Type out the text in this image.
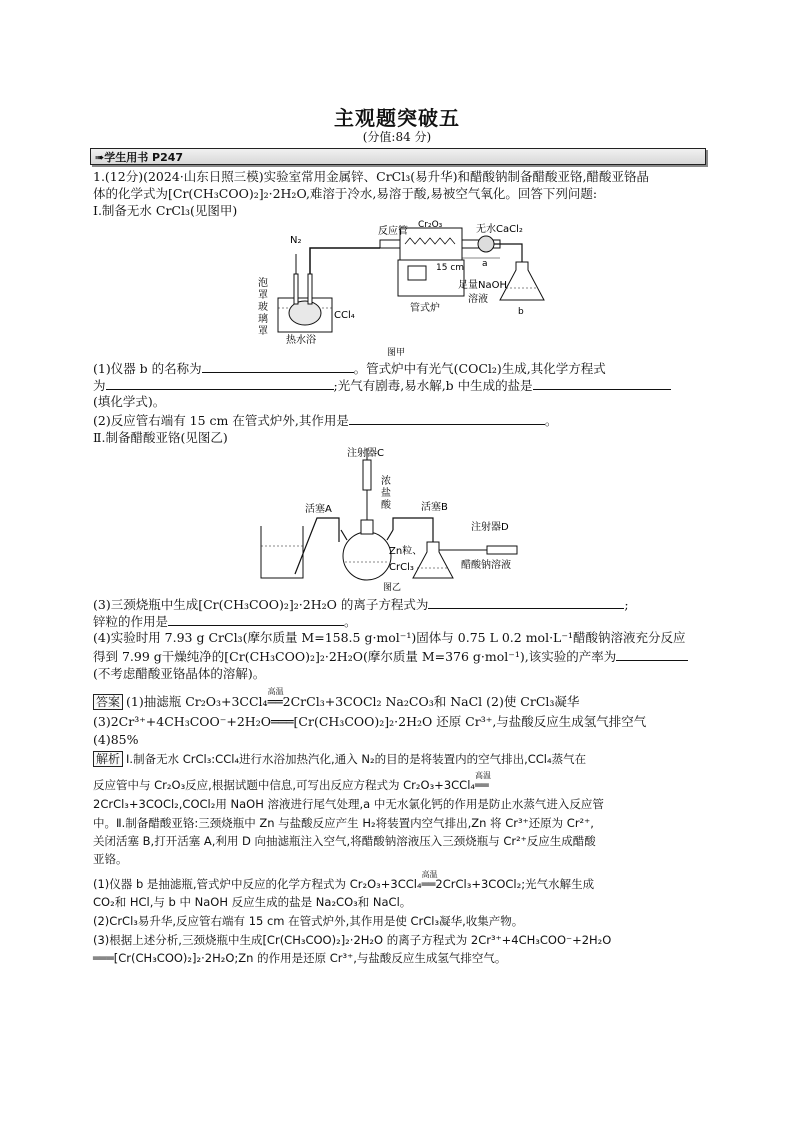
主观题突破五
(分值:84 分)
➠学生用书 P247
1.(12分)(2024·山东日照三模)实验室常用金属锌、CrCl₃(易升华)和醋酸钠制备醋酸亚铬,醋酸亚铬晶
体的化学式为[Cr(CH₃COO)₂]₂·2H₂O,难溶于冷水,易溶于酸,易被空气氧化。回答下列问题:
Ⅰ.制备无水 CrCl₃(见图甲)
N₂
反应管
Cr₂O₃	无水CaCl₂
a
15 cm
管式炉
足量NaOH
溶液
b
泡
罩
玻
璃
罩
热水浴
CCl₄
图甲
(1)仪器 b 的名称为	。管式炉中有光气(COCl₂)生成,其化学方程式
为	;光气有剧毒,易水解,b 中生成的盐是
(填化学式)。
(2)反应管右端有 15 cm 在管式炉外,其作用是	。
Ⅱ.制备醋酸亚铬(见图乙)
注射器C
浓
盐
酸
活塞A	活塞B
注射器D
Zn粒、
CrCl₃	醋酸钠溶液
图乙
(3)三颈烧瓶中生成[Cr(CH₃COO)₂]₂·2H₂O 的离子方程式为	;
锌粒的作用是	。
(4)实验时用 7.93 g CrCl₃(摩尔质量 M=158.5 g·mol⁻¹)固体与 0.75 L 0.2 mol·L⁻¹醋酸钠溶液充分反应
得到 7.99 g干燥纯净的[Cr(CH₃COO)₂]₂·2H₂O(摩尔质量 M=376 g·mol⁻¹),该实验的产率为
(不考虑醋酸亚铬晶体的溶解)。
答案 (1)抽滤瓶 Cr₂O₃+3CCl₄
高温
══2CrCl₃+3COCl₂ Na₂CO₃和 NaCl (2)使 CrCl₃凝华
(3)2Cr³⁺+4CH₃COO⁻+2H₂O═══[Cr(CH₃COO)₂]₂·2H₂O 还原 Cr³⁺,与盐酸反应生成氢气排空气
(4)85%
解析 Ⅰ.制备无水 CrCl₃:CCl₄进行水浴加热汽化,通入 N₂的目的是将装置内的空气排出,CCl₄蒸气在
反应管中与 Cr₂O₃反应,根据试题中信息,可写出反应方程式为 Cr₂O₃+3CCl₄
高温
══
2CrCl₃+3COCl₂,COCl₂用 NaOH 溶液进行尾气处理,a 中无水氯化钙的作用是防止水蒸气进入反应管
中。Ⅱ.制备醋酸亚铬:三颈烧瓶中 Zn 与盐酸反应产生 H₂将装置内空气排出,Zn 将 Cr³⁺还原为 Cr²⁺,
关闭活塞 B,打开活塞 A,利用 D 向抽滤瓶注入空气,将醋酸钠溶液压入三颈烧瓶与 Cr²⁺反应生成醋酸
亚铬。
(1)仪器 b 是抽滤瓶,管式炉中反应的化学方程式为 Cr₂O₃+3CCl₄
高温
══2CrCl₃+3COCl₂;光气水解生成
CO₂和 HCl,与 b 中 NaOH 反应生成的盐是 Na₂CO₃和 NaCl。
(2)CrCl₃易升华,反应管右端有 15 cm 在管式炉外,其作用是使 CrCl₃凝华,收集产物。
(3)根据上述分析,三颈烧瓶中生成[Cr(CH₃COO)₂]₂·2H₂O 的离子方程式为 2Cr³⁺+4CH₃COO⁻+2H₂O
═══[Cr(CH₃COO)₂]₂·2H₂O;Zn 的作用是还原 Cr³⁺,与盐酸反应生成氢气排空气。
